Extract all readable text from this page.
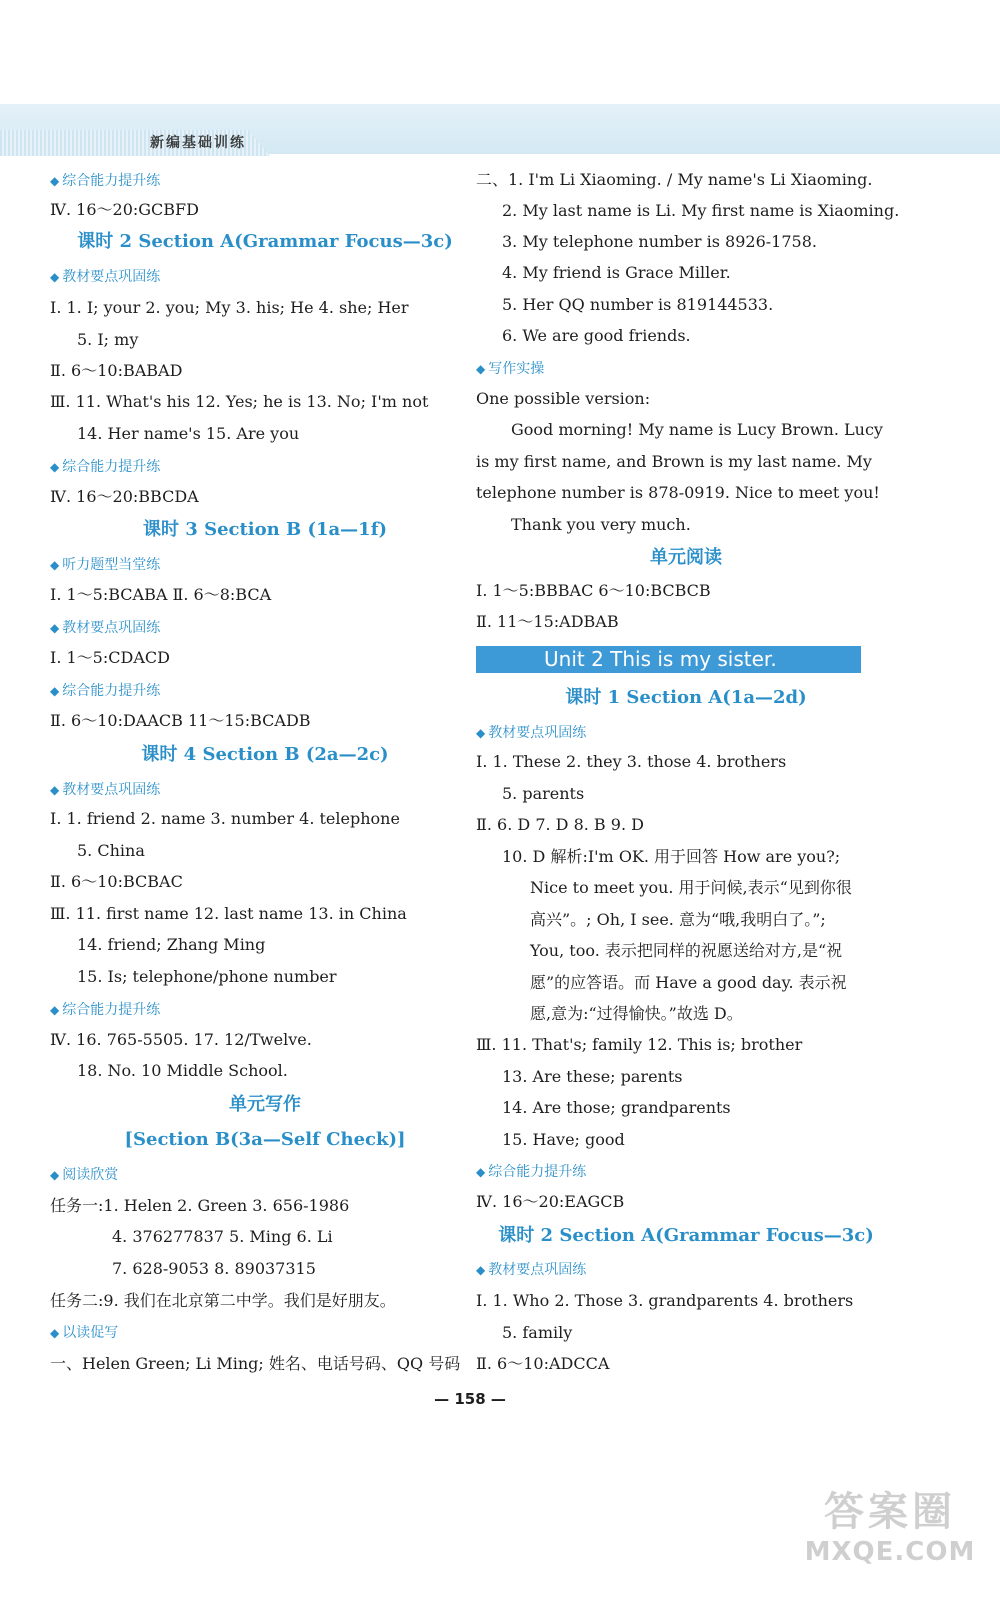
新编基础训练
◆ 综合能力提升练
Ⅳ. 16～20:GCBFD
课时 2 Section A(Grammar Focus—3c)
◆ 教材要点巩固练
Ⅰ. 1. I; your 2. you; My 3. his; He 4. she; Her
5. I; my
Ⅱ. 6～10:BABAD
Ⅲ. 11. What's his 12. Yes; he is 13. No; I'm not
14. Her name's 15. Are you
◆ 综合能力提升练
Ⅳ. 16～20:BBCDA
课时 3 Section B (1a—1f)
◆ 听力题型当堂练
Ⅰ. 1～5:BCABA Ⅱ. 6～8:BCA
◆ 教材要点巩固练
Ⅰ. 1～5:CDACD
◆ 综合能力提升练
Ⅱ. 6～10:DAACB 11～15:BCADB
课时 4 Section B (2a—2c)
◆ 教材要点巩固练
Ⅰ. 1. friend 2. name 3. number 4. telephone
5. China
Ⅱ. 6～10:BCBAC
Ⅲ. 11. first name 12. last name 13. in China
14. friend; Zhang Ming
15. Is; telephone/phone number
◆ 综合能力提升练
Ⅳ. 16. 765-5505. 17. 12/Twelve.
18. No. 10 Middle School.
单元写作
[Section B(3a—Self Check)]
◆ 阅读欣赏
任务一:1. Helen 2. Green 3. 656-1986
4. 376277837 5. Ming 6. Li
7. 628-9053 8. 89037315
任务二:9. 我们在北京第二中学。我们是好朋友。
◆ 以读促写
一、Helen Green; Li Ming; 姓名、电话号码、QQ 号码
二、1. I'm Li Xiaoming. / My name's Li Xiaoming.
2. My last name is Li. My first name is Xiaoming.
3. My telephone number is 8926-1758.
4. My friend is Grace Miller.
5. Her QQ number is 819144533.
6. We are good friends.
◆ 写作实操
One possible version:
Good morning! My name is Lucy Brown. Lucy
is my first name, and Brown is my last name. My
telephone number is 878-0919. Nice to meet you!
Thank you very much.
单元阅读
Ⅰ. 1～5:BBBAC 6～10:BCBCB
Ⅱ. 11～15:ADBAB
Unit 2 This is my sister.
课时 1 Section A(1a—2d)
◆ 教材要点巩固练
Ⅰ. 1. These 2. they 3. those 4. brothers
5. parents
Ⅱ. 6. D 7. D 8. B 9. D
10. D 解析:I'm OK. 用于回答 How are you?;
Nice to meet you. 用于问候,表示“见到你很
高兴”。; Oh, I see. 意为“哦,我明白了。”;
You, too. 表示把同样的祝愿送给对方,是“祝
愿”的应答语。而 Have a good day. 表示祝
愿,意为:“过得愉快。”故选 D。
Ⅲ. 11. That's; family 12. This is; brother
13. Are these; parents
14. Are those; grandparents
15. Have; good
◆ 综合能力提升练
Ⅳ. 16～20:EAGCB
课时 2 Section A(Grammar Focus—3c)
◆ 教材要点巩固练
Ⅰ. 1. Who 2. Those 3. grandparents 4. brothers
5. family
Ⅱ. 6～10:ADCCA
— 158 —
答案圈
MXQE.COM
